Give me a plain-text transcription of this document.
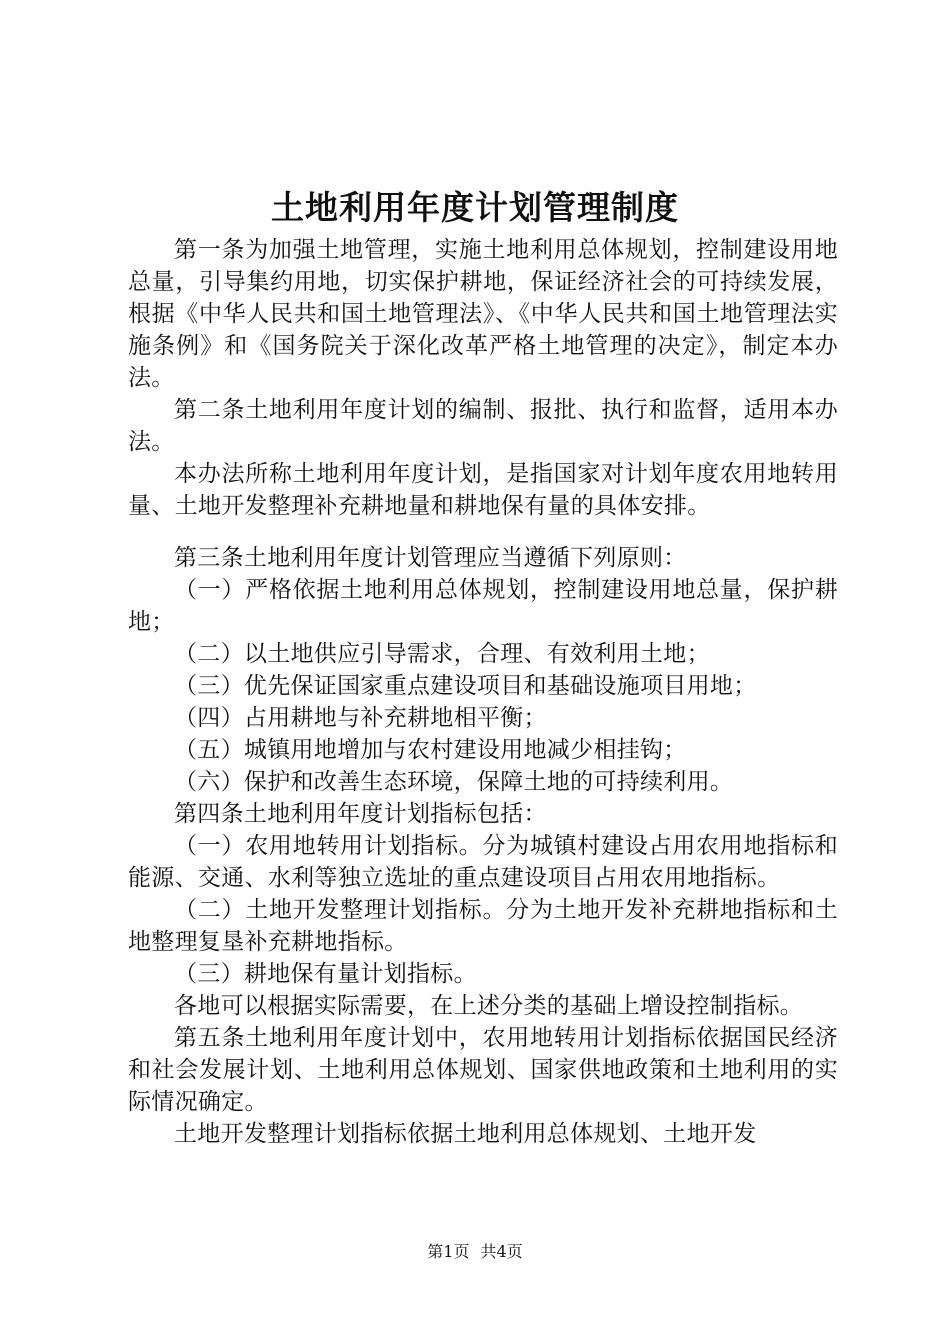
土地利用年度计划管理制度

第一条为加强土地管理，实施土地利用总体规划，控制建设用地总量，引导集约用地，切实保护耕地，保证经济社会的可持续发展，根据《中华人民共和国土地管理法》、《中华人民共和国土地管理法实施条例》和《国务院关于深化改革严格土地管理的决定》，制定本办法。

第二条土地利用年度计划的编制、报批、执行和监督，适用本办法。

本办法所称土地利用年度计划，是指国家对计划年度农用地转用量、土地开发整理补充耕地量和耕地保有量的具体安排。

第三条土地利用年度计划管理应当遵循下列原则：

（一）严格依据土地利用总体规划，控制建设用地总量，保护耕地；

（二）以土地供应引导需求，合理、有效利用土地；

（三）优先保证国家重点建设项目和基础设施项目用地；

（四）占用耕地与补充耕地相平衡；

（五）城镇用地增加与农村建设用地减少相挂钩；

（六）保护和改善生态环境，保障土地的可持续利用。

第四条土地利用年度计划指标包括：

（一）农用地转用计划指标。分为城镇村建设占用农用地指标和能源、交通、水利等独立选址的重点建设项目占用农用地指标。

（二）土地开发整理计划指标。分为土地开发补充耕地指标和土地整理复垦补充耕地指标。

（三）耕地保有量计划指标。

各地可以根据实际需要，在上述分类的基础上增设控制指标。

第五条土地利用年度计划中，农用地转用计划指标依据国民经济和社会发展计划、土地利用总体规划、国家供地政策和土地利用的实际情况确定。

土地开发整理计划指标依据土地利用总体规划、土地开发

第1页 共4页
